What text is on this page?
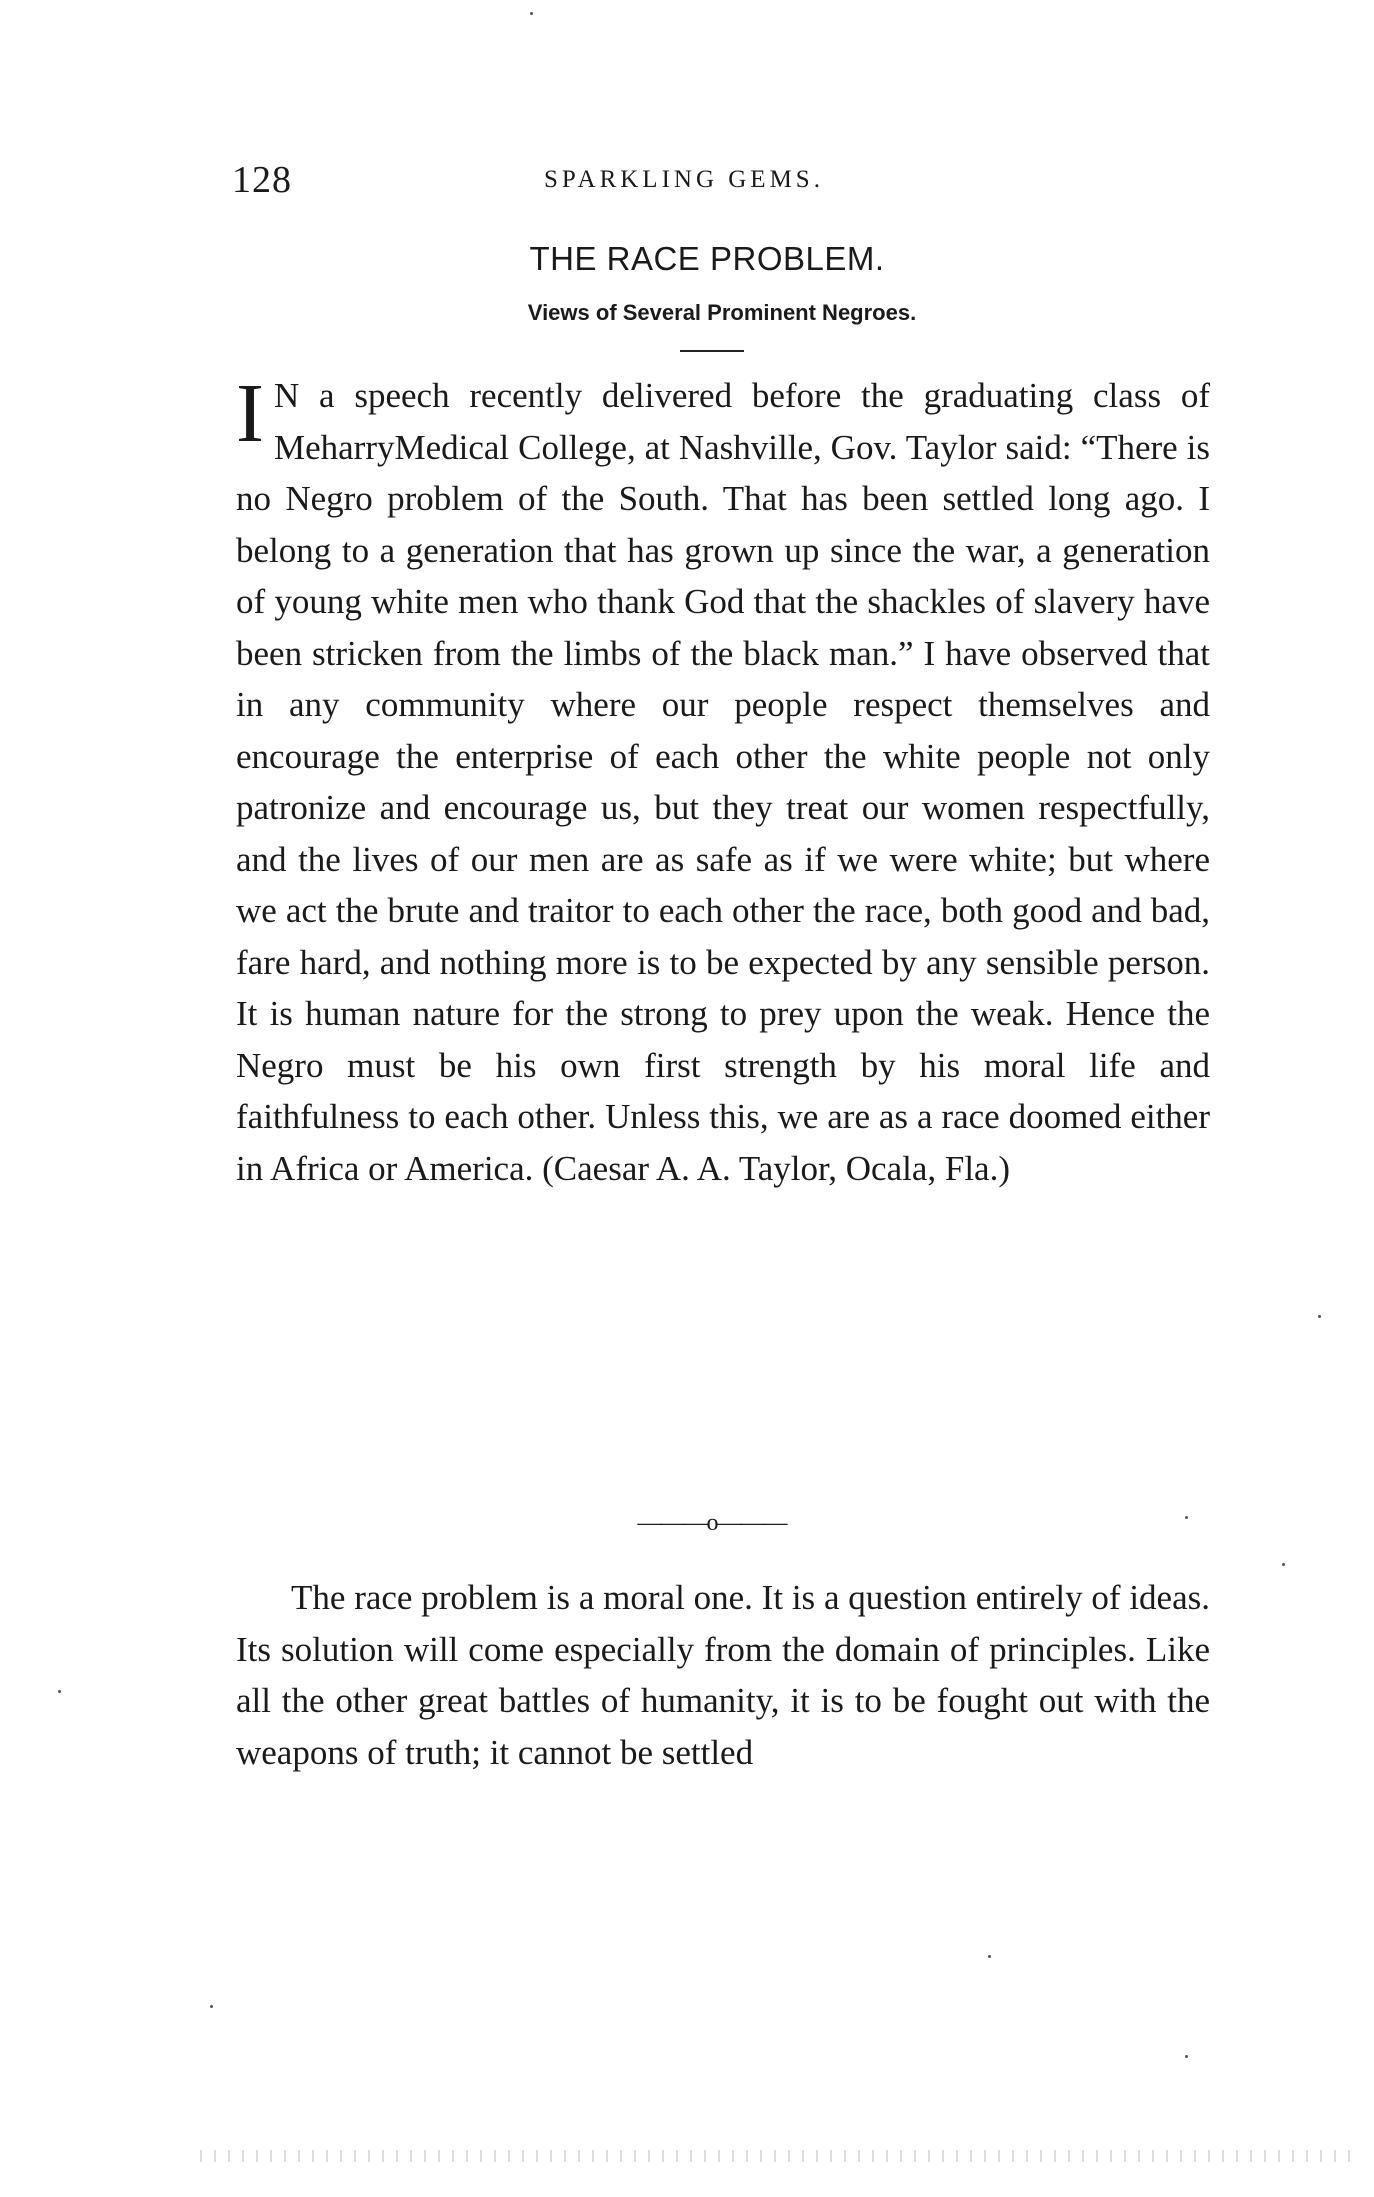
128	SPARKLING GEMS.
THE RACE PROBLEM.
Views of Several Prominent Negroes.

I N a speech recently delivered before the graduating class of MeharryMedical College, at Nashville, Gov. Taylor said: “There is no Negro problem of the South. That has been settled long ago. I belong to a generation that has grown up since the war, a generation of young white men who thank God that the shackles of slavery have been stricken from the limbs of the black man.” I have observed that in any community where our people respect themselves and encourage the enterprise of each other the white people not only patronize and encourage us, but they treat our women respectfully, and the lives of our men are as safe as if we were white; but where we act the brute and traitor to each other the race, both good and bad, fare hard, and nothing more is to be expected by any sensible person. It is human nature for the strong to prey upon the weak. Hence the Negro must be his own first strength by his moral life and faithfulness to each other. Unless this, we are as a race doomed either in Africa or America. (Caesar A. A. Taylor, Ocala, Fla.)

———o———

The race problem is a moral one. It is a question entirely of ideas. Its solution will come especially from the domain of principles. Like all the other great battles of humanity, it is to be fought out with the weapons of truth; it cannot be settled
